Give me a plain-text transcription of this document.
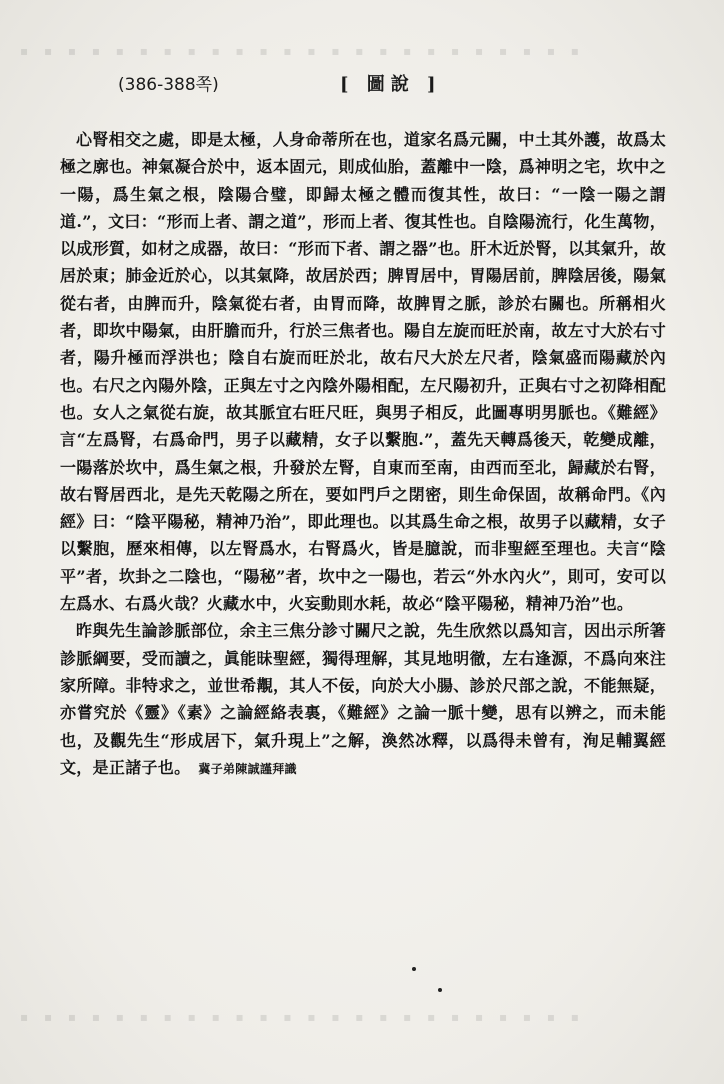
▪ ▪ ▪ ▪ ▪ ▪ ▪ ▪ ▪ ▪ ▪ ▪ ▪ ▪ ▪ ▪ ▪ ▪ ▪ ▪ ▪ ▪ ▪ ▪
▪ ▪ ▪ ▪ ▪ ▪ ▪ ▪ ▪ ▪ ▪ ▪ ▪ ▪ ▪ ▪ ▪ ▪ ▪ ▪ ▪ ▪ ▪ ▪
(386-388쪽)	[ 圖說 ]

心腎相交之處，即是太極，人身命蒂所在也，道家名爲元關，中土其外護，故爲太極之廓也。神氣凝合於中，返本固元，則成仙胎，蓋離中一陰，爲神明之宅，坎中之一陽，爲生氣之根，陰陽合璧，即歸太極之體而復其性，故曰：“一陰一陽之謂道.”，文曰：“形而上者、謂之道”，形而上者、復其性也。自陰陽流行，化生萬物，以成形質，如材之成器，故曰：“形而下者、謂之器”也。肝木近於腎，以其氣升，故居於東；肺金近於心，以其氣降，故居於西；脾胃居中，胃陽居前，脾陰居後，陽氣從右者，由脾而升，陰氣從右者，由胃而降，故脾胃之脈，診於右關也。所稱相火者，即坎中陽氣，由肝膽而升，行於三焦者也。陽自左旋而旺於南，故左寸大於右寸者，陽升極而浮洪也；陰自右旋而旺於北，故右尺大於左尺者，陰氣盛而陽藏於內也。右尺之內陽外陰，正與左寸之內陰外陽相配，左尺陽初升，正與右寸之初降相配也。女人之氣從右旋，故其脈宜右旺尺旺，與男子相反，此圖專明男脈也。《難經》言“左爲腎，右爲命門，男子以藏精，女子以繫胞.”，蓋先天轉爲後天，乾變成離，一陽落於坎中，爲生氣之根，升發於左腎，自東而至南，由西而至北，歸藏於右腎，故右腎居西北，是先天乾陽之所在，要如門戶之閉密，則生命保固，故稱命門。《內經》曰：“陰平陽秘，精神乃治”，即此理也。以其爲生命之根，故男子以藏精，女子以繫胞，歷來相傳，以左腎爲水，右腎爲火，皆是臆說，而非聖經至理也。夫言“陰平”者，坎卦之二陰也，“陽秘”者，坎中之一陽也，若云“外水內火”，則可，安可以左爲水、右爲火哉？火藏水中，火妄動則水耗，故必“陰平陽秘，精神乃治”也。

昨與先生論診脈部位，余主三焦分診寸關尺之說，先生欣然以爲知言，因出示所箸診脈綱要，受而讀之，眞能昧聖經，獨得理解，其見地明徹，左右逢源，不爲向來注家所障。非特求之，並世希覯，其人不佞，向於大小腸、診於尺部之說，不能無疑，亦嘗究於《靈》《素》之論經絡表裏，《難經》之論一脈十變，思有以辨之，而未能也，及觀先生“形成居下，氣升現上”之解，渙然冰釋，以爲得未曾有，洵足輔翼經文，是正諸子也。 冀子弟陳誠謹拜識
